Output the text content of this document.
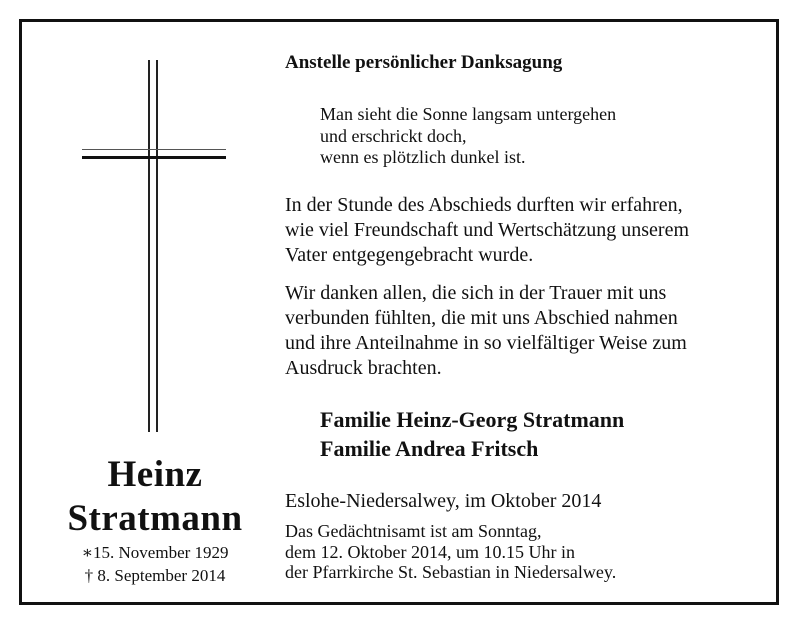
Heinz
Stratmann
∗15. November 1929
† 8. September 2014
Anstelle persönlicher Danksagung
Man sieht die Sonne langsam untergehen
und erschrickt doch,
wenn es plötzlich dunkel ist.
In der Stunde des Abschieds durften wir erfahren,
wie viel Freundschaft und Wertschätzung unserem
Vater entgegengebracht wurde.
Wir danken allen, die sich in der Trauer mit uns
verbunden fühlten, die mit uns Abschied nahmen
und ihre Anteilnahme in so vielfältiger Weise zum
Ausdruck brachten.
Familie Heinz-Georg Stratmann
Familie Andrea Fritsch
Eslohe-Niedersalwey, im Oktober 2014
Das Gedächtnisamt ist am Sonntag,
dem 12. Oktober 2014, um 10.15 Uhr in
der Pfarrkirche St. Sebastian in Niedersalwey.
